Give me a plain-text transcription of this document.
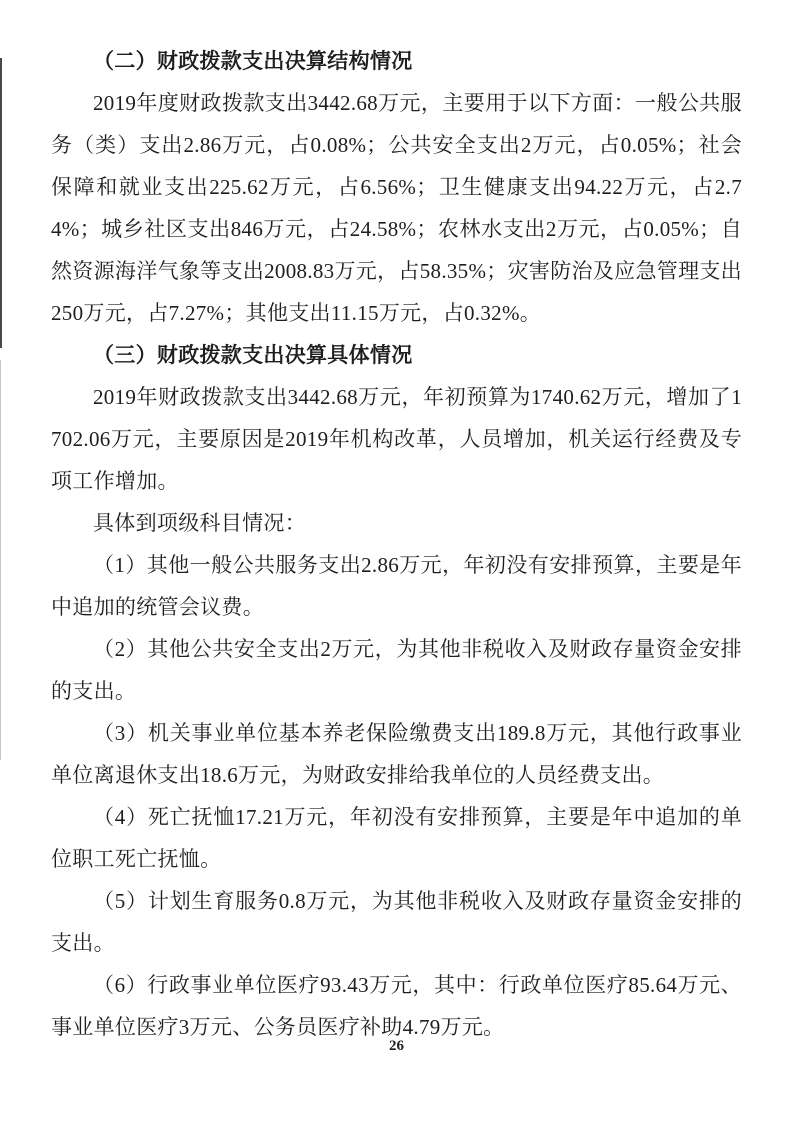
（二）财政拨款支出决算结构情况

2019年度财政拨款支出3442.68万元，主要用于以下方面：一般公共服务（类）支出2.86万元，占0.08%；公共安全支出2万元，占0.05%；社会保障和就业支出225.62万元，占6.56%；卫生健康支出94.22万元，占2.74%；城乡社区支出846万元，占24.58%；农林水支出2万元，占0.05%；自然资源海洋气象等支出2008.83万元，占58.35%；灾害防治及应急管理支出250万元，占7.27%；其他支出11.15万元，占0.32%。

（三）财政拨款支出决算具体情况

2019年财政拨款支出3442.68万元，年初预算为1740.62万元，增加了1702.06万元，主要原因是2019年机构改革，人员增加，机关运行经费及专项工作增加。

具体到项级科目情况：

（1）其他一般公共服务支出2.86万元，年初没有安排预算，主要是年中追加的统管会议费。

（2）其他公共安全支出2万元，为其他非税收入及财政存量资金安排的支出。

（3）机关事业单位基本养老保险缴费支出189.8万元，其他行政事业单位离退休支出18.6万元，为财政安排给我单位的人员经费支出。

（4）死亡抚恤17.21万元，年初没有安排预算，主要是年中追加的单位职工死亡抚恤。

（5）计划生育服务0.8万元，为其他非税收入及财政存量资金安排的支出。

（6）行政事业单位医疗93.43万元，其中：行政单位医疗85.64万元、事业单位医疗3万元、公务员医疗补助4.79万元。

26
